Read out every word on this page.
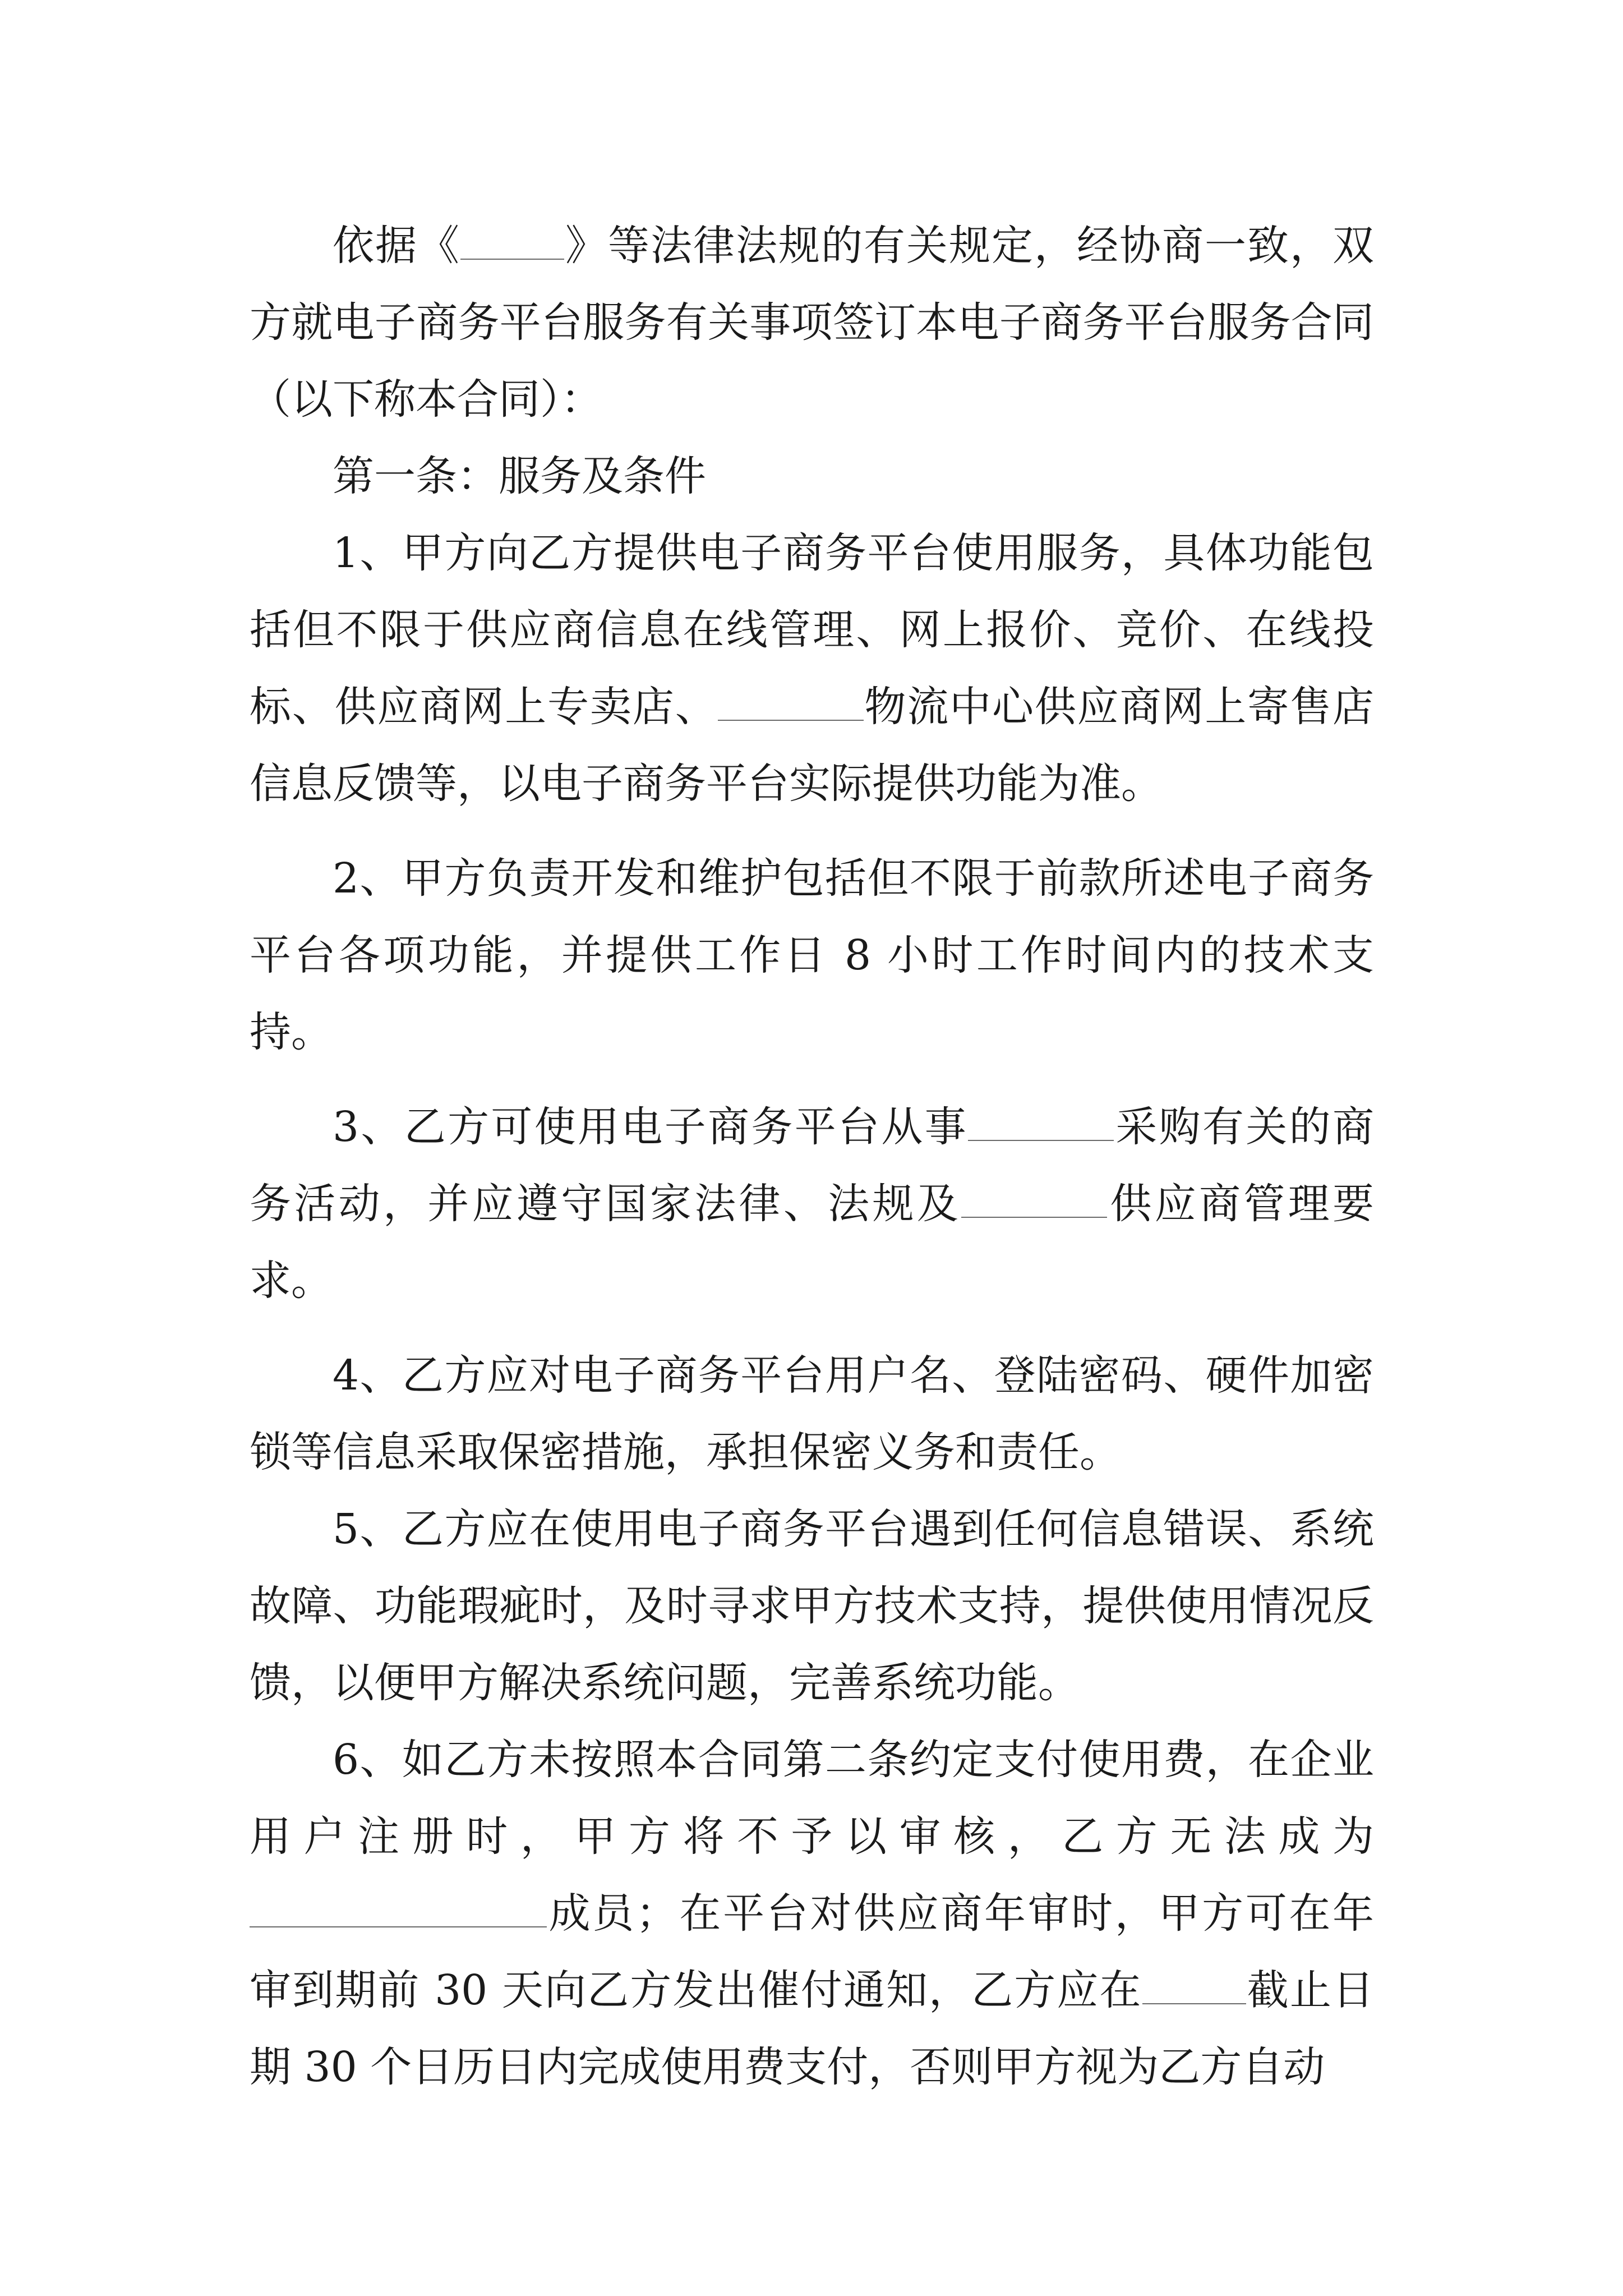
依据《	》等法律法规的有关规定，经协商一致，双方就电子商务平台服务有关事项签订本电子商务平台服务合同（以下称本合同）：

第一条：服务及条件

1、甲方向乙方提供电子商务平台使用服务，具体功能包括但不限于供应商信息在线管理、网上报价、竞价、在线投标、供应商网上专卖店、	物流中心供应商网上寄售店信息反馈等，以电子商务平台实际提供功能为准。

2、甲方负责开发和维护包括但不限于前款所述电子商务平台各项功能，并提供工作日 8 小时工作时间内的技术支持。

3、乙方可使用电子商务平台从事	采购有关的商务活动，并应遵守国家法律、法规及	供应商管理要求。

4、乙方应对电子商务平台用户名、登陆密码、硬件加密锁等信息采取保密措施，承担保密义务和责任。

5、乙方应在使用电子商务平台遇到任何信息错误、系统故障、功能瑕疵时，及时寻求甲方技术支持，提供使用情况反馈，以便甲方解决系统问题，完善系统功能。

6、如乙方未按照本合同第二条约定支付使用费，在企业用户注册时，甲方将不予以审核，乙方无法成为成员；在平台对供应商年审时，甲方可在年审到期前 30 天向乙方发出催付通知，乙方应在	截止日期 30 个日历日内完成使用费支付，否则甲方视为乙方自动
